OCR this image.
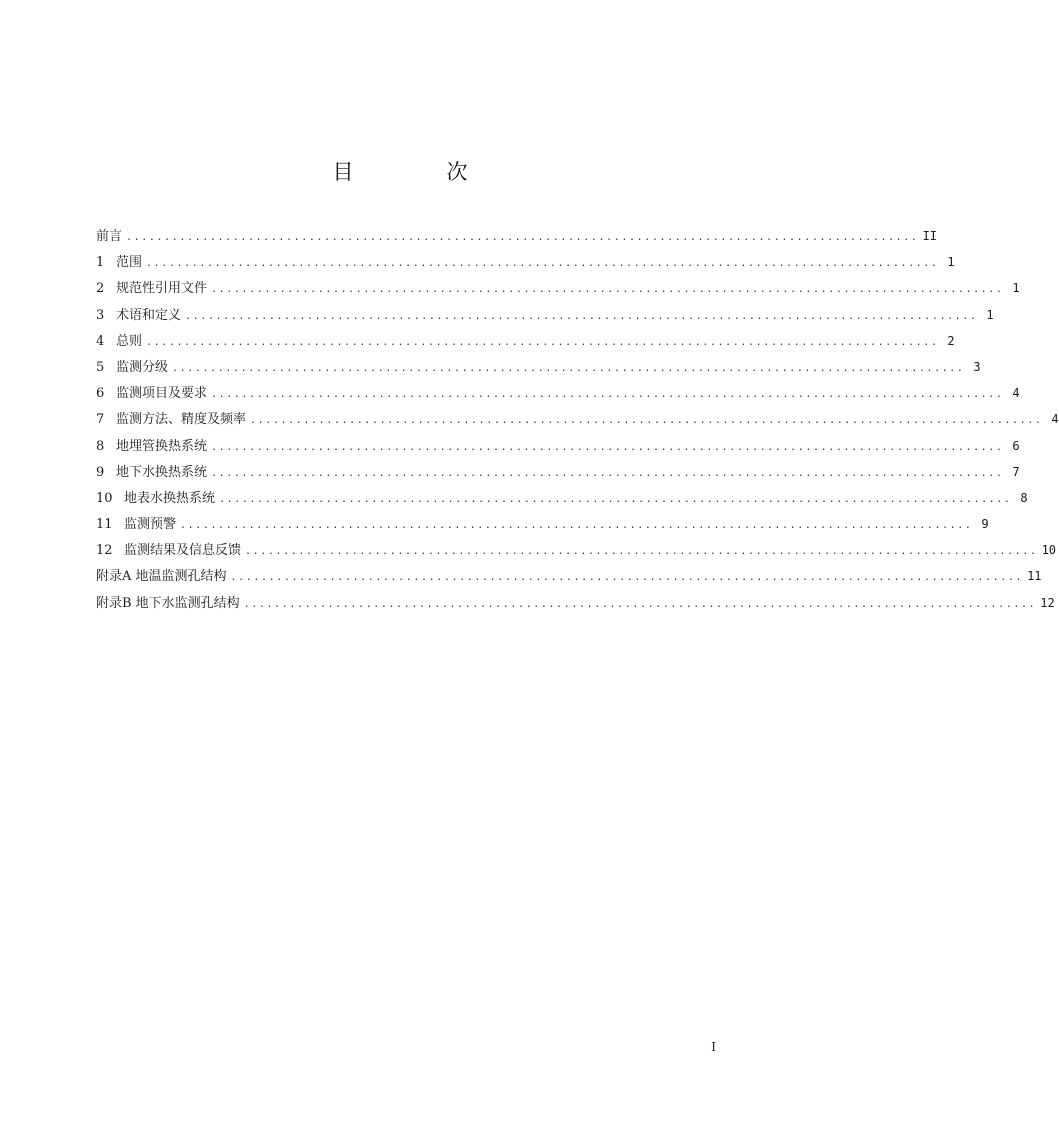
目　次
前言 ........................................................................................................ II
1 范围 ........................................................................................................ 1
2 规范性引用文件 ........................................................................................................ 1
3 术语和定义 ........................................................................................................ 1
4 总则 ........................................................................................................ 2
5 监测分级 ........................................................................................................ 3
6 监测项目及要求 ........................................................................................................ 4
7 监测方法、精度及频率 ........................................................................................................ 4
8 地埋管换热系统 ........................................................................................................ 6
9 地下水换热系统 ........................................................................................................ 7
10 地表水换热系统 ........................................................................................................ 8
11 监测预警 ........................................................................................................ 9
12 监测结果及信息反馈 ........................................................................................................ 10
附录A 地温监测孔结构 ........................................................................................................ 11
附录B 地下水监测孔结构 ........................................................................................................ 12
I
